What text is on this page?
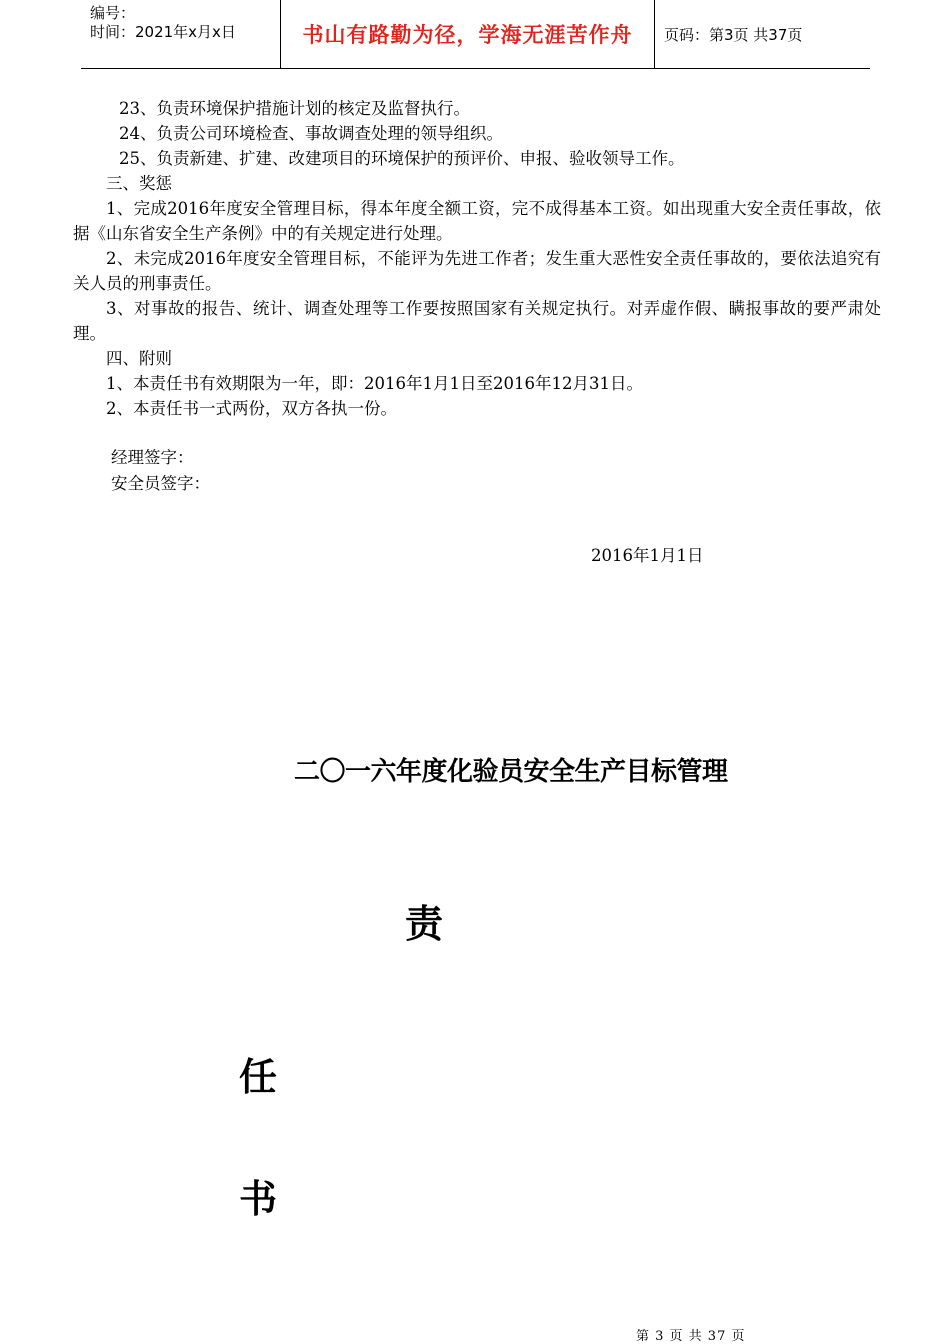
编号：
时间：2021年x月x日	书山有路勤为径，学海无涯苦作舟	页码：第3页 共37页

23、负责环境保护措施计划的核定及监督执行。

24、负责公司环境检查、事故调查处理的领导组织。

25、负责新建、扩建、改建项目的环境保护的预评价、申报、验收领导工作。

三、奖惩

1、完成2016年度安全管理目标，得本年度全额工资，完不成得基本工资。如出现重大安全责任事故，依据《山东省安全生产条例》中的有关规定进行处理。

2、未完成2016年度安全管理目标，不能评为先进工作者；发生重大恶性安全责任事故的，要依法追究有关人员的刑事责任。

3、对事故的报告、统计、调查处理等工作要按照国家有关规定执行。对弄虚作假、瞒报事故的要严肃处理。

四、附则

1、本责任书有效期限为一年，即：2016年1月1日至2016年12月31日。

2、本责任书一式两份，双方各执一份。

经理签字：
安全员签字：
2016年1月1日
二〇一六年度化验员安全生产目标管理
责
任
书
第 3 页 共 37 页
